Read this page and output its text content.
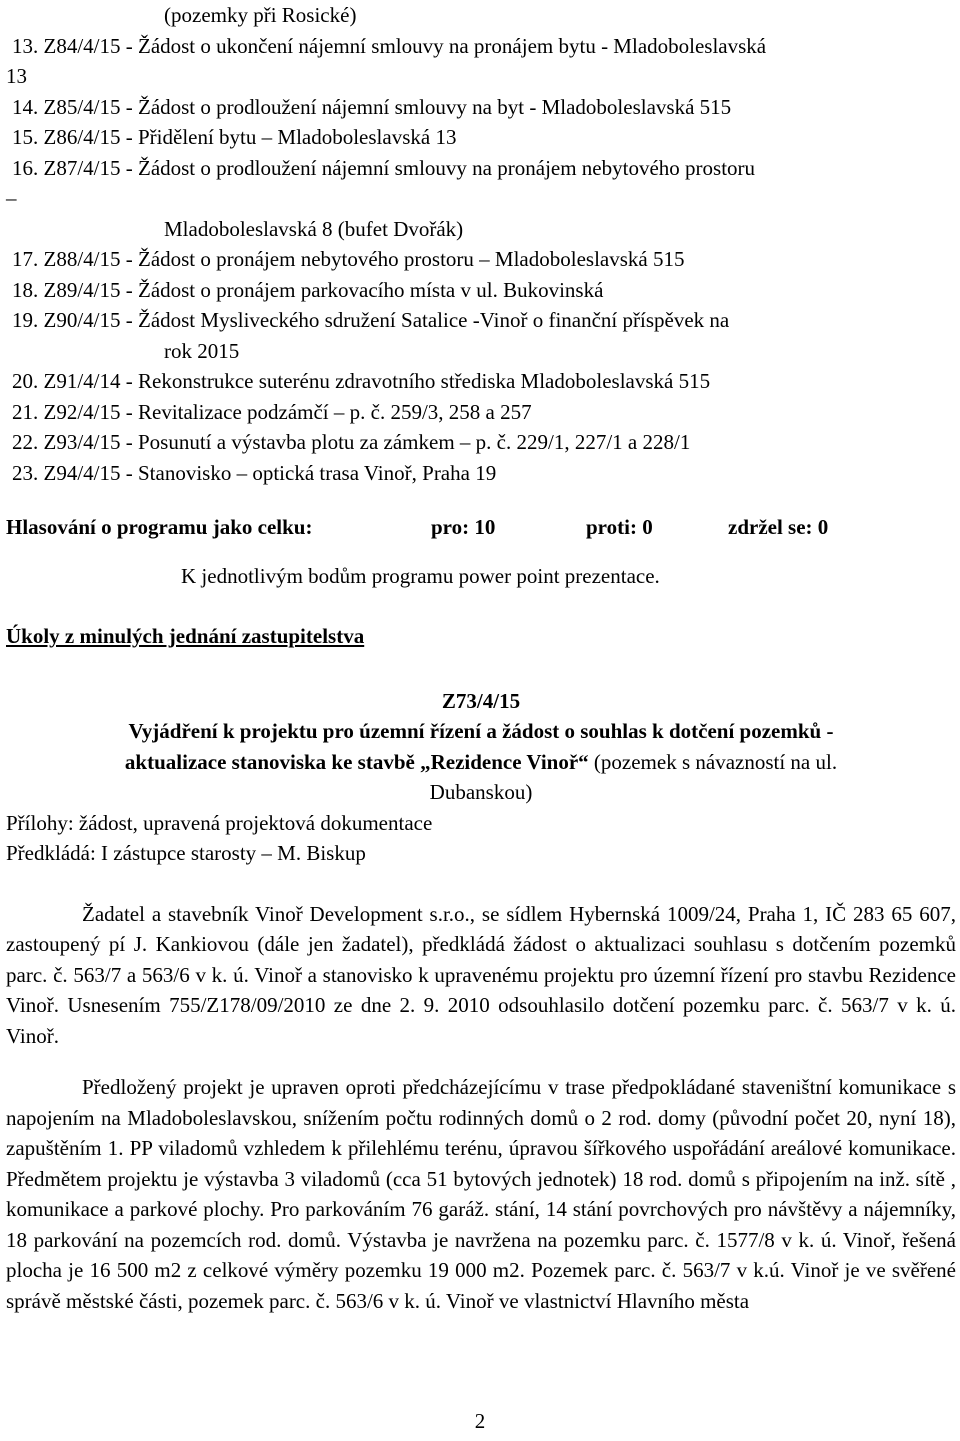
(pozemky při Rosické)
13. Z84/4/15 - Žádost o ukončení nájemní smlouvy na pronájem bytu - Mladoboleslavská
13
14. Z85/4/15 - Žádost o prodloužení nájemní smlouvy na byt - Mladoboleslavská 515
15. Z86/4/15 - Přidělení bytu – Mladoboleslavská 13
16. Z87/4/15 - Žádost o prodloužení nájemní smlouvy na pronájem nebytového prostoru
–
Mladoboleslavská 8 (bufet Dvořák)
17. Z88/4/15 - Žádost o pronájem nebytového prostoru – Mladoboleslavská 515
18. Z89/4/15 - Žádost o pronájem parkovacího místa v ul. Bukovinská
19. Z90/4/15 - Žádost Mysliveckého sdružení Satalice -Vinoř o finanční příspěvek na
rok 2015
20. Z91/4/14 - Rekonstrukce suterénu zdravotního střediska Mladoboleslavská 515
21. Z92/4/15 - Revitalizace podzámčí – p. č. 259/3, 258 a 257
22. Z93/4/15 - Posunutí a výstavba plotu za zámkem – p. č. 229/1, 227/1 a 228/1
23. Z94/4/15 - Stanovisko – optická trasa Vinoř, Praha 19
Hlasování o programu jako celku:	pro: 10	proti: 0	zdržel se: 0
K jednotlivým bodům programu power point prezentace.
Úkoly z minulých jednání zastupitelstva
Z73/4/15
Vyjádření k projektu pro územní řízení a žádost o souhlas k dotčení pozemků -
aktualizace stanoviska ke stavbě „Rezidence Vinoř“ (pozemek s návazností na ul.
Dubanskou)
Přílohy: žádost, upravená projektová dokumentace
Předkládá: I zástupce starosty – M. Biskup

Žadatel a stavebník Vinoř Development s.r.o., se sídlem Hybernská 1009/24, Praha 1, IČ 283 65 607, zastoupený pí J. Kankiovou (dále jen žadatel), předkládá žádost o aktualizaci souhlasu s dotčením pozemků parc. č. 563/7 a 563/6 v k. ú. Vinoř a stanovisko k upravenému projektu pro územní řízení pro stavbu Rezidence Vinoř. Usnesením 755/Z178/09/2010 ze dne 2. 9. 2010 odsouhlasilo dotčení pozemku parc. č. 563/7 v k. ú. Vinoř.

Předložený projekt je upraven oproti předcházejícímu v trase předpokládané staveništní komunikace s napojením na Mladoboleslavskou, snížením počtu rodinných domů o 2 rod. domy (původní počet 20, nyní 18), zapuštěním 1. PP viladomů vzhledem k přilehlému terénu, úpravou šířkového uspořádání areálové komunikace. Předmětem projektu je výstavba 3 viladomů (cca 51 bytových jednotek) 18 rod. domů s připojením na inž. sítě , komunikace a parkové plochy. Pro parkováním 76 garáž. stání, 14 stání povrchových pro návštěvy a nájemníky, 18 parkování na pozemcích rod. domů. Výstavba je navržena na pozemku parc. č. 1577/8 v k. ú. Vinoř, řešená plocha je 16 500 m2 z celkové výměry pozemku 19 000 m2. Pozemek parc. č. 563/7 v k.ú. Vinoř je ve svěřené správě městské části, pozemek parc. č. 563/6 v k. ú. Vinoř ve vlastnictví Hlavního města

2
